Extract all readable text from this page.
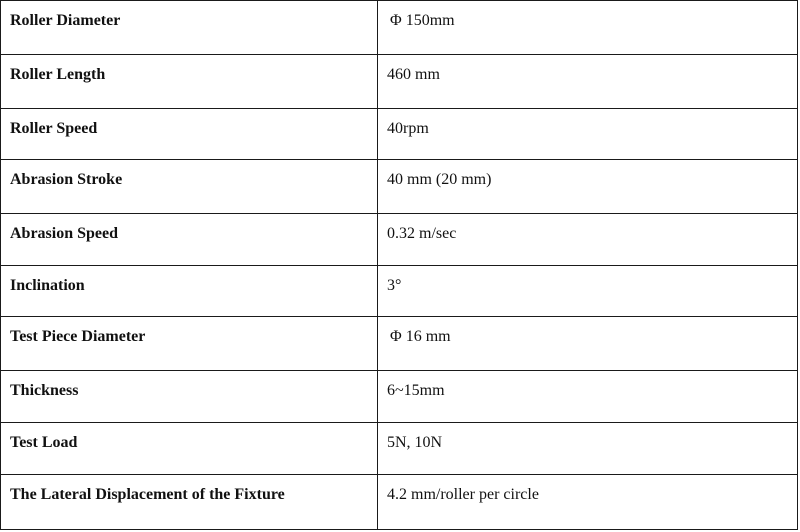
Roller Diameter	Φ 150mm
Roller Length	460 mm
Roller Speed	40rpm
Abrasion Stroke	40 mm (20 mm)
Abrasion Speed	0.32 m/sec
Inclination	3°
Test Piece Diameter	Φ 16 mm
Thickness	6~15mm
Test Load	5N, 10N
The Lateral Displacement of the Fixture	4.2 mm/roller per circle
